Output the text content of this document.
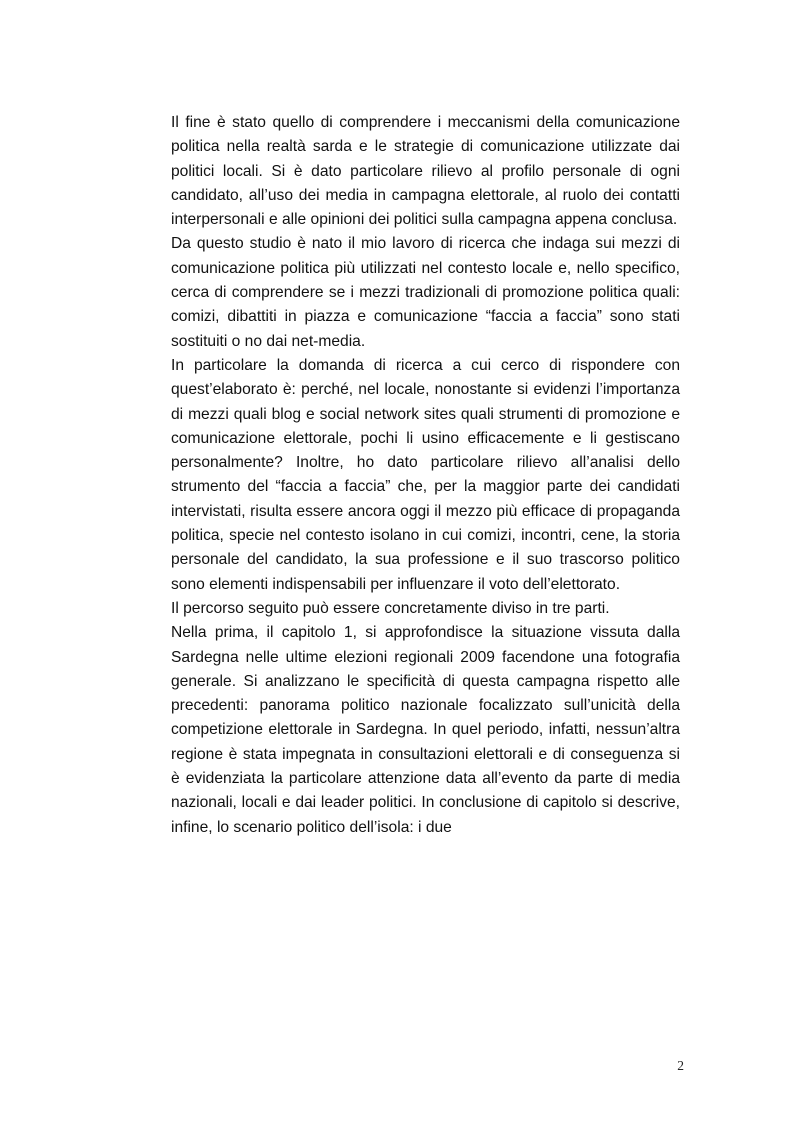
Il fine è stato quello di comprendere i meccanismi della comunicazione politica nella realtà sarda e le strategie di comunicazione utilizzate dai politici locali. Si è dato particolare rilievo al profilo personale di ogni candidato, all’uso dei media in campagna elettorale, al ruolo dei contatti interpersonali e alle opinioni dei politici sulla campagna appena conclusa.

Da questo studio è nato il mio lavoro di ricerca che indaga sui mezzi di comunicazione politica più utilizzati nel contesto locale e, nello specifico, cerca di comprendere se i mezzi tradizionali di promozione politica quali: comizi, dibattiti in piazza e comunicazione “faccia a faccia” sono stati sostituiti o no dai net-media.

In particolare la domanda di ricerca a cui cerco di rispondere con quest’elaborato è: perché, nel locale, nonostante si evidenzi l’importanza di mezzi quali blog e social network sites quali strumenti di promozione e comunicazione elettorale, pochi li usino efficacemente e li gestiscano personalmente? Inoltre, ho dato particolare rilievo all’analisi dello strumento del “faccia a faccia” che, per la maggior parte dei candidati intervistati, risulta essere ancora oggi il mezzo più efficace di propaganda politica, specie nel contesto isolano in cui comizi, incontri, cene, la storia personale del candidato, la sua professione e il suo trascorso politico sono elementi indispensabili per influenzare il voto dell’elettorato.

Il percorso seguito può essere concretamente diviso in tre parti.

Nella prima, il capitolo 1, si approfondisce la situazione vissuta dalla Sardegna nelle ultime elezioni regionali 2009 facendone una fotografia generale. Si analizzano le specificità di questa campagna rispetto alle precedenti: panorama politico nazionale focalizzato sull’unicità della competizione elettorale in Sardegna. In quel periodo, infatti, nessun’altra regione è stata impegnata in consultazioni elettorali e di conseguenza si è evidenziata la particolare attenzione data all’evento da parte di media nazionali, locali e dai leader politici. In conclusione di capitolo si descrive, infine, lo scenario politico dell’isola: i due

2
